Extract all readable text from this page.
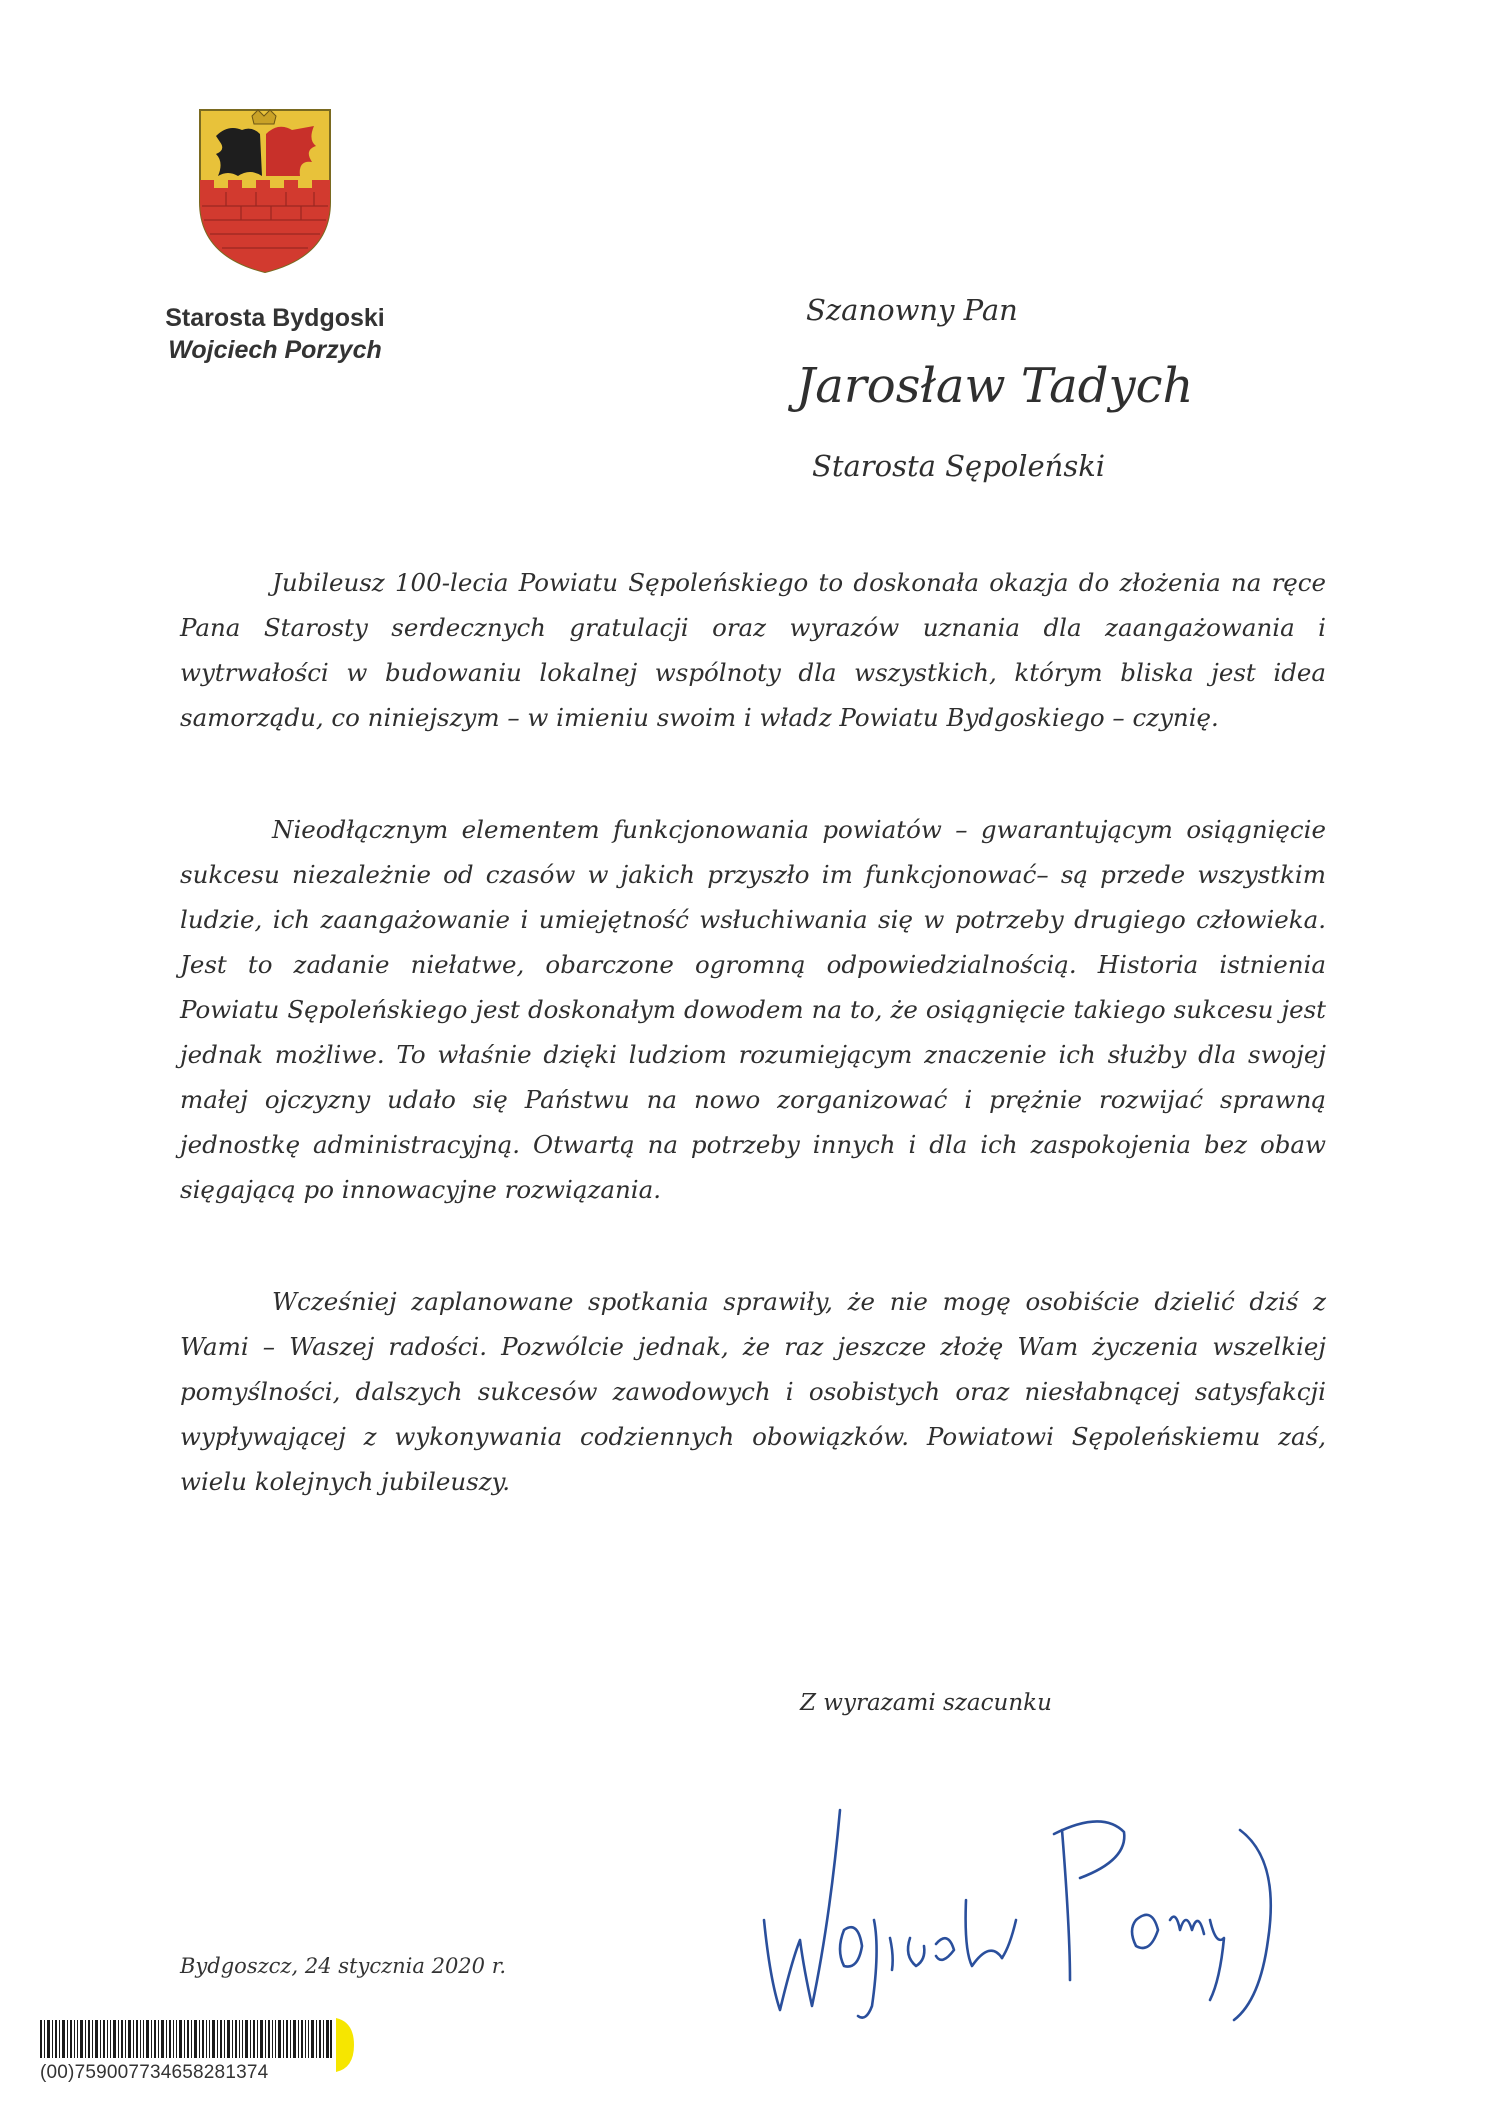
Starosta Bydgoski
Wojciech Porzych
Szanowny Pan
Jarosław Tadych
Starosta Sępoleński

Jubileusz 100-lecia Powiatu Sępoleńskiego to doskonała okazja do złożenia na ręce Pana Starosty serdecznych gratulacji oraz wyrazów uznania dla zaangażowania i wytrwałości w budowaniu lokalnej wspólnoty dla wszystkich, którym bliska jest idea samorządu, co niniejszym – w imieniu swoim i władz Powiatu Bydgoskiego – czynię.

Nieodłącznym elementem funkcjonowania powiatów – gwarantującym osiągnięcie sukcesu niezależnie od czasów w jakich przyszło im funkcjonować– są przede wszystkim ludzie, ich zaangażowanie i umiejętność wsłuchiwania się w potrzeby drugiego człowieka. Jest to zadanie niełatwe, obarczone ogromną odpowiedzialnością. Historia istnienia Powiatu Sępoleńskiego jest doskonałym dowodem na to, że osiągnięcie takiego sukcesu jest jednak możliwe. To właśnie dzięki ludziom rozumiejącym znaczenie ich służby dla swojej małej ojczyzny udało się Państwu na nowo zorganizować i prężnie rozwijać sprawną jednostkę administracyjną. Otwartą na potrzeby innych i dla ich zaspokojenia bez obaw sięgającą po innowacyjne rozwiązania.

Wcześniej zaplanowane spotkania sprawiły, że nie mogę osobiście dzielić dziś z Wami – Waszej radości. Pozwólcie jednak, że raz jeszcze złożę Wam życzenia wszelkiej pomyślności, dalszych sukcesów zawodowych i osobistych oraz niesłabnącej satysfakcji wypływającej z wykonywania codziennych obowiązków. Powiatowi Sępoleńskiemu zaś, wielu kolejnych jubileuszy.

Z wyrazami szacunku
Bydgoszcz, 24 stycznia 2020 r.
(00)759007734658281374
